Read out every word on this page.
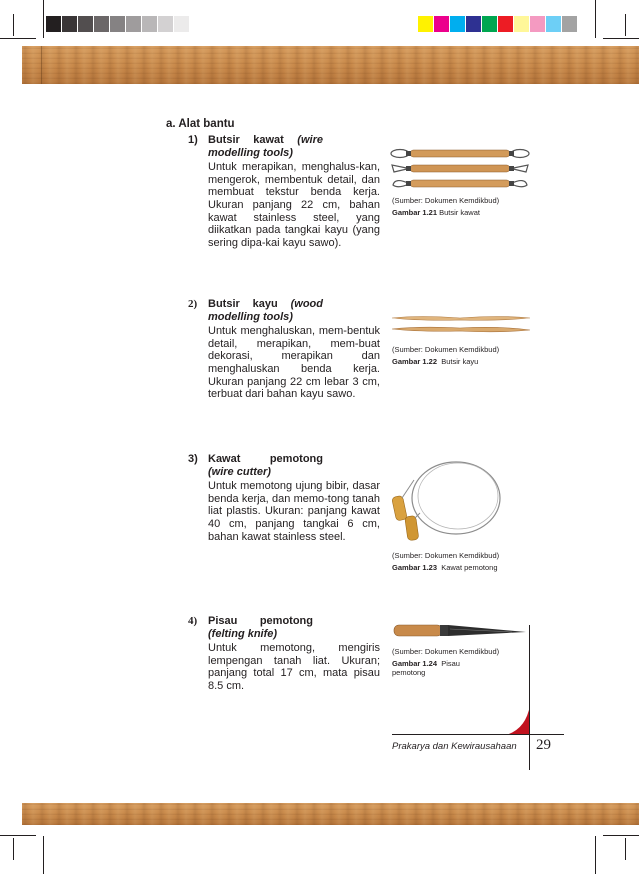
a. Alat bantu
1) Butsir kawat (wire
modelling tools)
Untuk merapikan, menghalus-kan, mengerok, membentuk detail, dan membuat tekstur benda kerja. Ukuran panjang 22 cm, bahan kawat stainless steel, yang diikatkan pada tangkai kayu (yang sering dipa-kai kayu sawo).
2) Butsir kayu (wood
modelling tools)
Untuk menghaluskan, mem-bentuk detail, merapikan, mem-buat dekorasi, merapikan dan menghaluskan benda kerja. Ukuran panjang 22 cm lebar 3 cm, terbuat dari bahan kayu sawo.
3) Kawat	pemotong
(wire cutter)
Untuk memotong ujung bibir, dasar benda kerja, dan memo-tong tanah liat plastis. Ukuran: panjang kawat 40 cm, panjang tangkai 6 cm, bahan kawat stainless steel.
4) Pisau pemotong
(felting knife)
Untuk memotong, mengiris lempengan tanah liat. Ukuran; panjang total 17 cm, mata pisau 8.5 cm.
(Sumber: Dokumen Kemdikbud)
Gambar 1.21 Butsir kawat
(Sumber: Dokumen Kemdikbud)
Gambar 1.22 Butsir kayu
(Sumber: Dokumen Kemdikbud)
Gambar 1.23 Kawat pemotong
(Sumber: Dokumen Kemdikbud)
Gambar 1.24 Pisau pemotong
Prakarya dan Kewirausahaan 29
